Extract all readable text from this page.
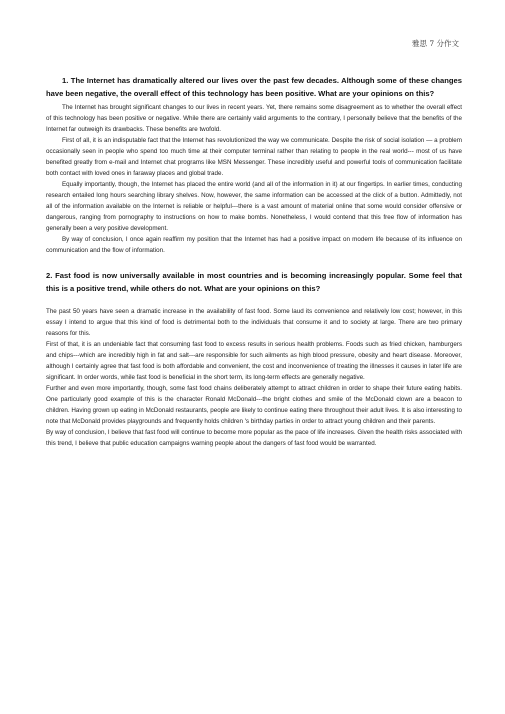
雅思 7 分作文

1. The Internet has dramatically altered our lives over the past few decades. Although some of these changes have been negative, the overall effect of this technology has been positive. What are your opinions on this?

The Internet has brought significant changes to our lives in recent years. Yet, there remains some disagreement as to whether the overall effect of this technology has been positive or negative. While there are certainly valid arguments to the contrary, I personally believe that the benefits of the Internet far outweigh its drawbacks. These benefits are twofold.

First of all, it is an indisputable fact that the Internet has revolutionized the way we communicate. Despite the risk of social isolation — a problem occasionally seen in people who spend too much time at their computer terminal rather than relating to people in the real world--- most of us have benefited greatly from e-mail and Internet chat programs like MSN Messenger. These incredibly useful and powerful tools of communication facilitate both contact with loved ones in faraway places and global trade.

Equally importantly, though, the Internet has placed the entire world (and all of the information in it) at our fingertips. In earlier times, conducting research entailed long hours searching library shelves. Now, however, the same information can be accessed at the click of a button. Admittedly, not all of the information available on the Internet is reliable or helpful---there is a vast amount of material online that some would consider offensive or dangerous, ranging from pornography to instructions on how to make bombs. Nonetheless, I would contend that this free flow of information has generally been a very positive development.

By way of conclusion, I once again reaffirm my position that the Internet has had a positive impact on modern life because of its influence on communication and the flow of information.

2. Fast food is now universally available in most countries and is becoming increasingly popular. Some feel that this is a positive trend, while others do not. What are your opinions on this?

The past 50 years have seen a dramatic increase in the availability of fast food. Some laud its convenience and relatively low cost; however, in this essay I intend to argue that this kind of food is detrimental both to the individuals that consume it and to society at large. There are two primary reasons for this.

First of that, it is an undeniable fact that consuming fast food to excess results in serious health problems. Foods such as fried chicken, hamburgers and chips---which are incredibly high in fat and salt---are responsible for such ailments as high blood pressure, obesity and heart disease. Moreover, although I certainly agree that fast food is both affordable and convenient, the cost and inconvenience of treating the illnesses it causes in later life are significant. In order words, while fast food is beneficial in the short term, its long-term effects are generally negative.

Further and even more importantly, though, some fast food chains deliberately attempt to attract children in order to shape their future eating habits. One particularly good example of this is the character Ronald McDonald---the bright clothes and smile of the McDonald clown are a beacon to children. Having grown up eating in McDonald restaurants, people are likely to continue eating there throughout their adult lives. It is also interesting to note that McDonald provides playgrounds and frequently holds children 's birthday parties in order to attract young children and their parents.

By way of conclusion, I believe that fast food will continue to become more popular as the pace of life increases. Given the health risks associated with this trend, I believe that public education campaigns warning people about the dangers of fast food would be warranted.
